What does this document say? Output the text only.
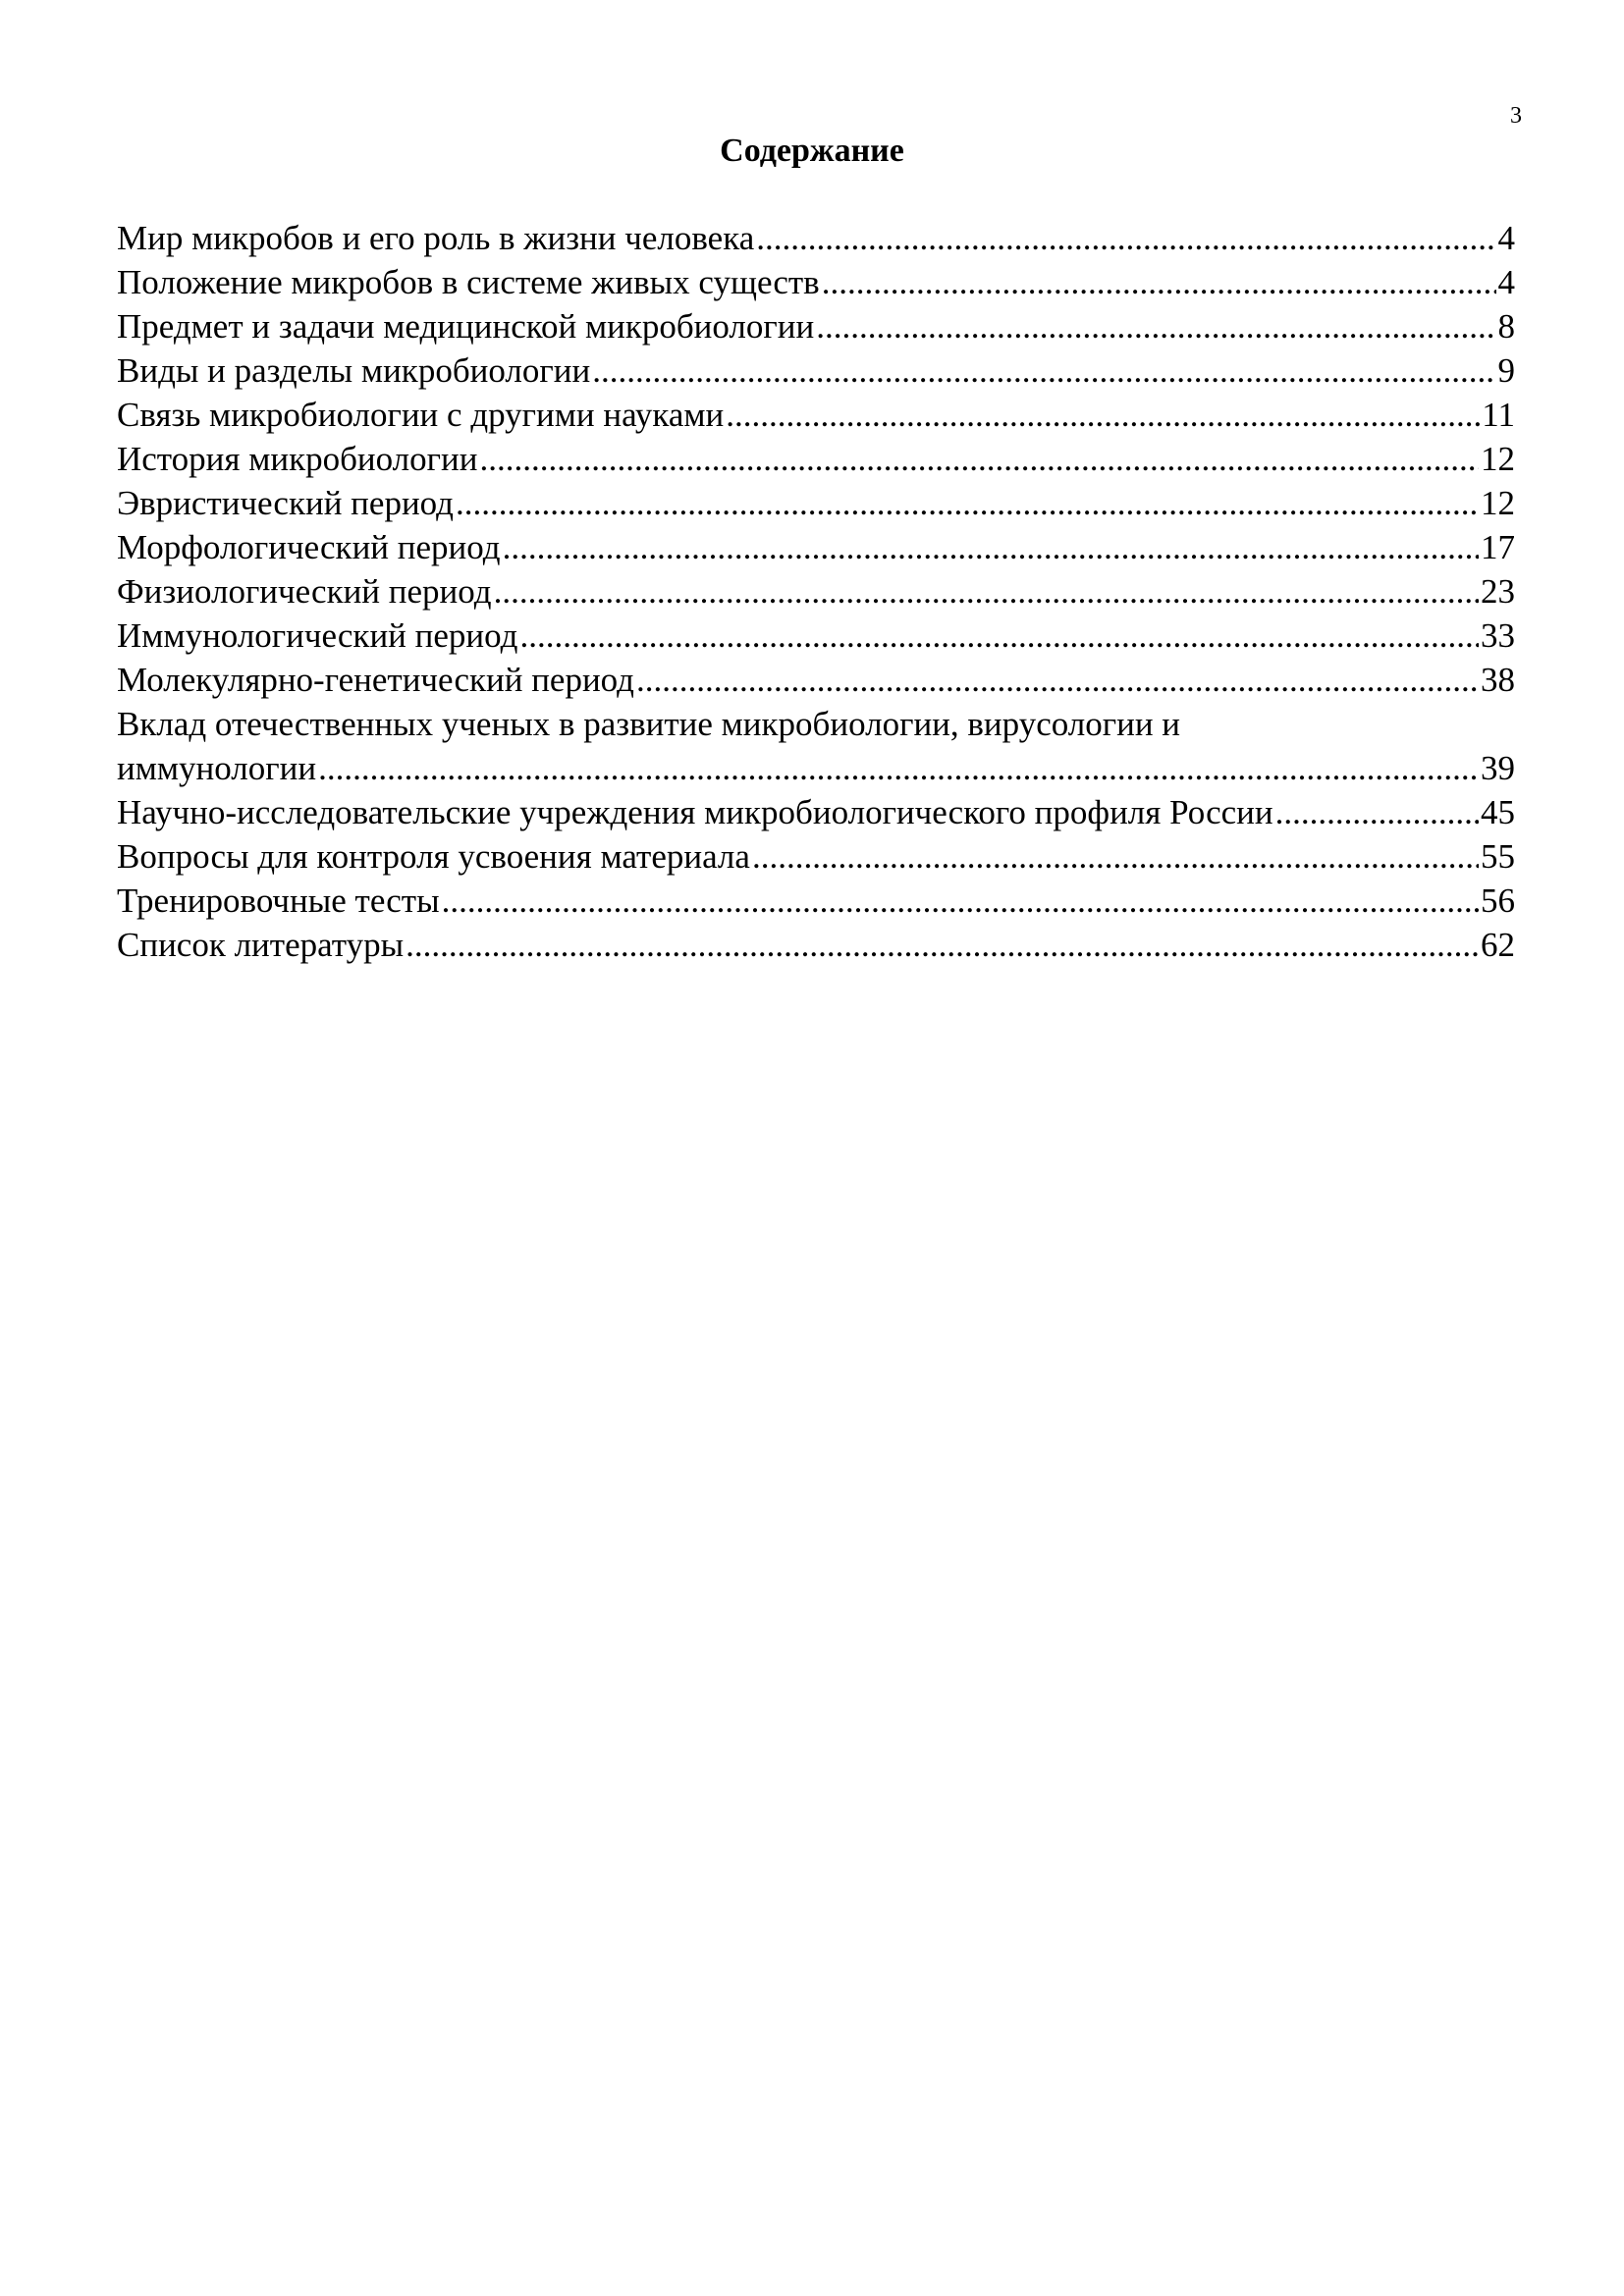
3
Содержание
Мир микробов и его роль в жизни человека .....	4
Положение микробов в системе живых существ .....	4
Предмет и задачи медицинской микробиологии .....	8
Виды и разделы микробиологии .....	9
Связь микробиологии с другими науками .....	11
История микробиологии .....	12
Эвристический период .....	12
Морфологический период .....	17
Физиологический период .....	23
Иммунологический период .....	33
Молекулярно-генетический период .....	38
Вклад отечественных ученых в развитие микробиологии, вирусологии и
иммунологии .....	39
Научно-исследовательские учреждения микробиологического профиля России .....	45
Вопросы для контроля усвоения материала .....	55
Тренировочные тесты .....	56
Список литературы .....	62
